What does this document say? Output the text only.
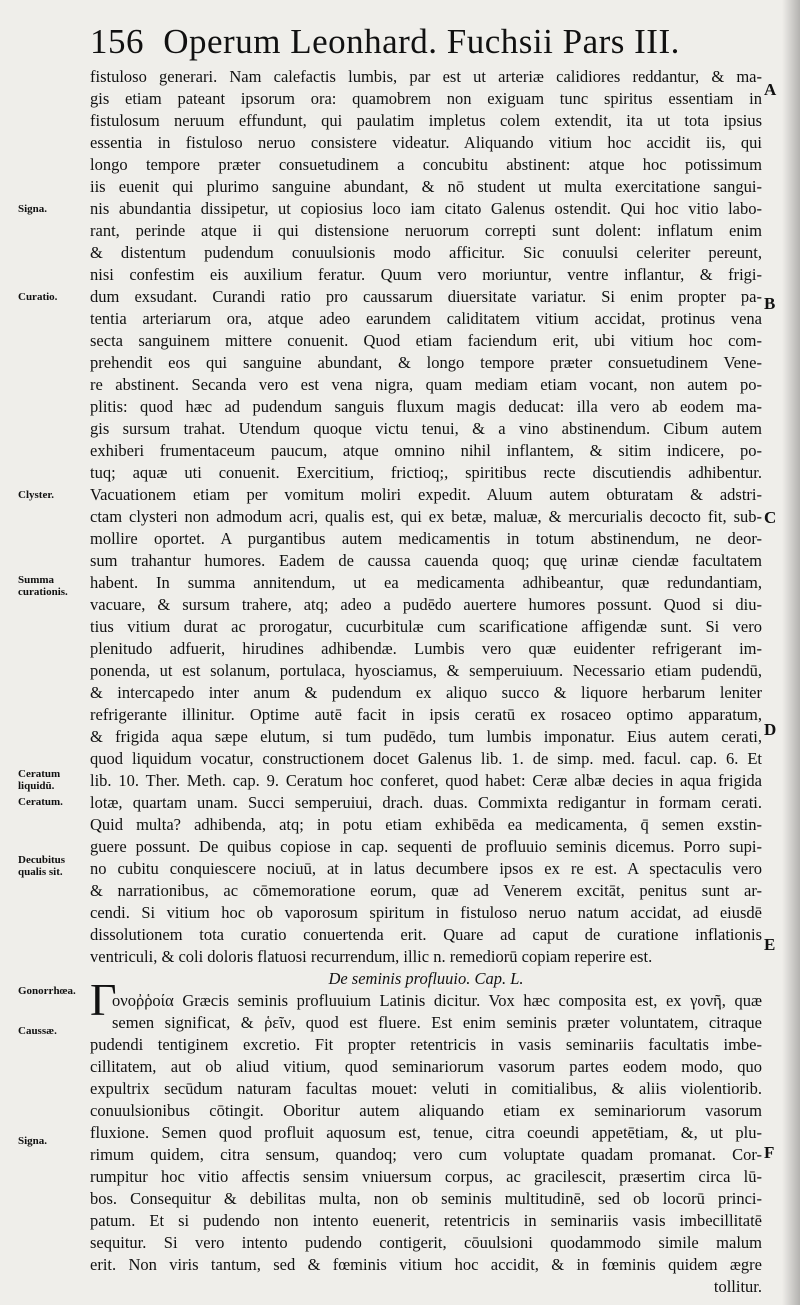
156 Operum Leonhard. Fuchsii Pars III.
fistuloso generari. Nam calefactis lumbis, par est ut arteriæ calidiores reddantur, & ma-
gis etiam pateant ipsorum ora: quamobrem non exiguam tunc spiritus essentiam in
fistulosum neruum effundunt, qui paulatim impletus colem extendit, ita ut tota ipsius
essentia in fistuloso neruo consistere videatur. Aliquando vitium hoc accidit iis, qui
longo tempore præter consuetudinem a concubitu abstinent: atque hoc potissimum
iis euenit qui plurimo sanguine abundant, & nō student ut multa exercitatione sangui-
nis abundantia dissipetur, ut copiosius loco iam citato Galenus ostendit. Qui hoc vitio labo-
rant, perinde atque ii qui distensione neruorum correpti sunt dolent: inflatum enim
& distentum pudendum conuulsionis modo afficitur. Sic conuulsi celeriter pereunt,
nisi confestim eis auxilium feratur. Quum vero moriuntur, ventre inflantur, & frigi-
dum exsudant. Curandi ratio pro caussarum diuersitate variatur. Si enim propter pa-
tentia arteriarum ora, atque adeo earundem caliditatem vitium accidat, protinus vena
secta sanguinem mittere conuenit. Quod etiam faciendum erit, ubi vitium hoc com-
prehendit eos qui sanguine abundant, & longo tempore præter consuetudinem Vene-
re abstinent. Secanda vero est vena nigra, quam mediam etiam vocant, non autem po-
plitis: quod hæc ad pudendum sanguis fluxum magis deducat: illa vero ab eodem ma-
gis sursum trahat. Utendum quoque victu tenui, & a vino abstinendum. Cibum autem
exhiberi frumentaceum paucum, atque omnino nihil inflantem, & sitim indicere, po-
tuq; aquæ uti conuenit. Exercitium, frictioq;, spiritibus recte discutiendis adhibentur.
Vacuationem etiam per vomitum moliri expedit. Aluum autem obturatam & adstri-
ctam clysteri non admodum acri, qualis est, qui ex betæ, maluæ, & mercurialis decocto fit, sub-
mollire oportet. A purgantibus autem medicamentis in totum abstinendum, ne deor-
sum trahantur humores. Eadem de caussa cauenda quoq; quę urinæ ciendæ facultatem
habent. In summa annitendum, ut ea medicamenta adhibeantur, quæ redundantiam,
vacuare, & sursum trahere, atq; adeo a pudēdo auertere humores possunt. Quod si diu-
tius vitium durat ac prorogatur, cucurbitulæ cum scarificatione affigendæ sunt. Si vero
plenitudo adfuerit, hirudines adhibendæ. Lumbis vero quæ euidenter refrigerant im-
ponenda, ut est solanum, portulaca, hyosciamus, & semperuiuum. Necessario etiam pudendū,
& intercapedo inter anum & pudendum ex aliquo succo & liquore herbarum leniter
refrigerante illinitur. Optime autē facit in ipsis ceratū ex rosaceo optimo apparatum,
& frigida aqua sæpe elutum, si tum pudēdo, tum lumbis imponatur. Eius autem cerati,
quod liquidum vocatur, constructionem docet Galenus lib. 1. de simp. med. facul. cap. 6. Et
lib. 10. Ther. Meth. cap. 9. Ceratum hoc conferet, quod habet: Ceræ albæ decies in aqua frigida
lotæ, quartam unam. Succi semperuiui, drach. duas. Commixta redigantur in formam cerati.
Quid multa? adhibenda, atq; in potu etiam exhibēda ea medicamenta, q̄ semen exstin-
guere possunt. De quibus copiose in cap. sequenti de profluuio seminis dicemus. Porro supi-
no cubitu conquiescere nociuū, at in latus decumbere ipsos ex re est. A spectaculis vero
& narrationibus, ac cōmemoratione eorum, quæ ad Venerem excitāt, penitus sunt ar-
cendi. Si vitium hoc ob vaporosum spiritum in fistuloso neruo natum accidat, ad eiusdē
dissolutionem tota curatio conuertenda erit. Quare ad caput de curatione inflationis
ventriculi, & coli doloris flatuosi recurrendum, illic n. remediorū copiam reperire est.
De seminis profluuio. Cap. L.
ονοῤῥοία Græcis seminis profluuium Latinis dicitur. Vox hæc composita est, ex γονῆ, quæ
semen significat, & ῥεῖν, quod est fluere. Est enim seminis præter voluntatem, citraque
pudendi tentiginem excretio. Fit propter retentricis in vasis seminariis facultatis imbe-
cillitatem, aut ob aliud vitium, quod seminariorum vasorum partes eodem modo, quo
expultrix secūdum naturam facultas mouet: veluti in comitialibus, & aliis violentiorib.
conuulsionibus cōtingit. Oboritur autem aliquando etiam ex seminariorum vasorum
fluxione. Semen quod profluit aquosum est, tenue, citra coeundi appetētiam, &, ut plu-
rimum quidem, citra sensum, quandoq; vero cum voluptate quadam promanat. Cor-
rumpitur hoc vitio affectis sensim vniuersum corpus, ac gracilescit, præsertim circa lū-
bos. Consequitur & debilitas multa, non ob seminis multitudinē, sed ob locorū princi-
patum. Et si pudendo non intento euenerit, retentricis in seminariis vasis imbecillitatē
sequitur. Si vero intento pudendo contigerit, cōuulsioni quodammodo simile malum
erit. Non viris tantum, sed & fœminis vitium hoc accidit, & in fœminis quidem ægre
tollitur.
Γ
Signa.
Curatio.
Clyster.
Summa curationis.
Ceratum liquidū.
Ceratum.
Decubitus qualis sit.
Gonorrhœa.
Caussæ.
Signa.
A
B
C
D
E
F
